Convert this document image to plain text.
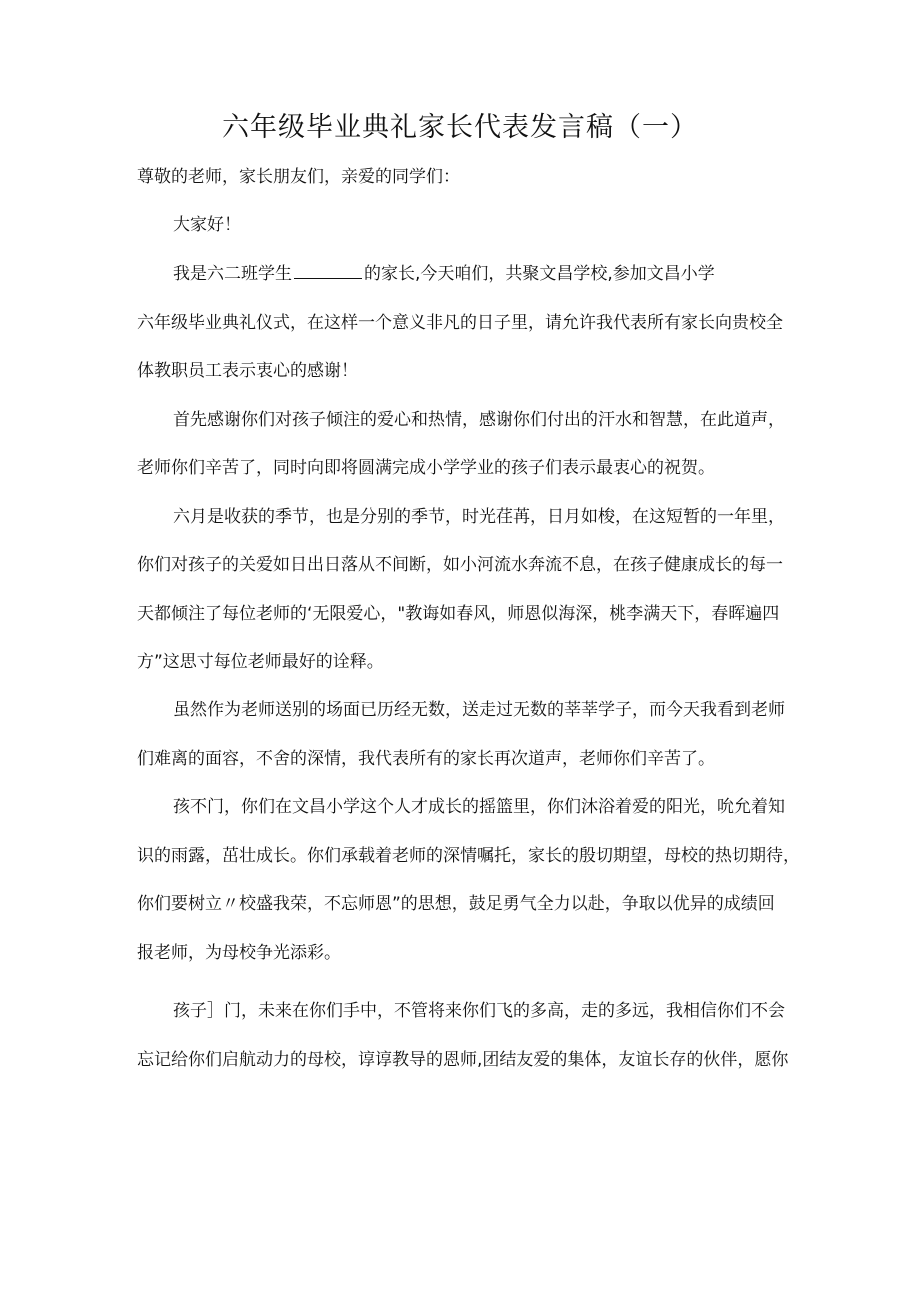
六年级毕业典礼家长代表发言稿（一）

尊敬的老师，家长朋友们，亲爱的同学们：

大家好！

我是六二班学生	的家长,今天咱们，共聚文昌学校,参加文昌小学

六年级毕业典礼仪式，在这样一个意义非凡的日子里，请允许我代表所有家长向贵校全

体教职员工表示衷心的感谢！

首先感谢你们对孩子倾注的爱心和热情，感谢你们付出的汗水和智慧，在此道声，

老师你们辛苦了，同时向即将圆满完成小学学业的孩子们表示最衷心的祝贺。

六月是收获的季节，也是分别的季节，时光荏苒，日月如梭，在这短暂的一年里，

你们对孩子的关爱如日出日落从不间断，如小河流水奔流不息，在孩子健康成长的每一

天都倾注了每位老师的‘无限爱心，"教诲如春风，师恩似海深，桃李满天下，春晖遍四

方”这思寸每位老师最好的诠释。

虽然作为老师送别的场面已历经无数，送走过无数的莘莘学子，而今天我看到老师

们难离的面容，不舍的深情，我代表所有的家长再次道声，老师你们辛苦了。

孩不门，你们在文昌小学这个人才成长的摇篮里，你们沐浴着爱的阳光，吮允着知

识的雨露，茁壮成长。你们承载着老师的深情嘱托，家长的殷切期望，母校的热切期待，

你们要树立〃校盛我荣，不忘师恩”的思想，鼓足勇气全力以赴，争取以优异的成绩回

报老师，为母校争光添彩。

孩子］门，未来在你们手中，不管将来你们飞的多高，走的多远，我相信你们不会

忘记给你们启航动力的母校，谆谆教导的恩师,团结友爱的集体，友谊长存的伙伴，愿你
